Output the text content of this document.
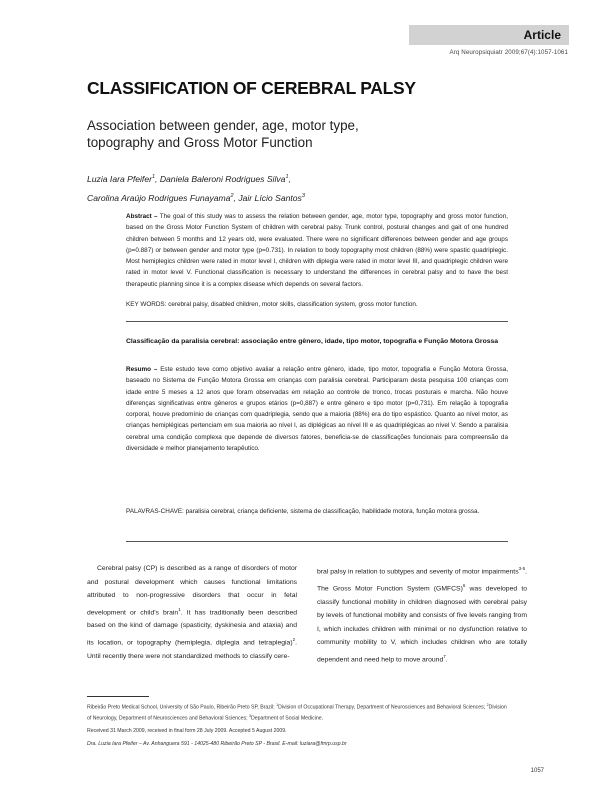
Article
Arq Neuropsiquiatr 2009;67(4):1057-1061
CLASSIFICATION OF CEREBRAL PALSY
Association between gender, age, motor type, topography and Gross Motor Function
Luzia Iara Pfeifer$^1$, Daniela Baleroni Rodrigues Silva$^1$,
Carolina Araújo Rodrigues Funayama$^2$, Jair Lício Santos$^3$
Abstract – The goal of this study was to assess the relation between gender, age, motor type, topography and gross motor function, based on the Gross Motor Function System of children with cerebral palsy. Trunk control, postural changes and gait of one hundred children between 5 months and 12 years old, were evaluated. There were no significant differences between gender and age groups (p=0.887) or between gender and motor type (p=0.731). In relation to body topography most children (88%) were spastic quadriplegic. Most hemiplegics children were rated in motor level I, children with diplegia were rated in motor level III, and quadriplegic children were rated in motor level V. Functional classification is necessary to understand the differences in cerebral palsy and to have the best therapeutic planning since it is a complex disease which depends on several factors.
KEY WORDS: cerebral palsy, disabled children, motor skills, classification system, gross motor function.
Classificação da paralisia cerebral: associação entre gênero, idade, tipo motor, topografia e Função Motora Grossa
Resumo – Este estudo teve como objetivo avaliar a relação entre gênero, idade, tipo motor, topografia e Função Motora Grossa, baseado no Sistema de Função Motora Grossa em crianças com paralisia cerebral. Participaram desta pesquisa 100 crianças com idade entre 5 meses a 12 anos que foram observadas em relação ao controle de tronco, trocas posturais e marcha. Não houve diferenças significativas entre gêneros e grupos etários (p=0,887) e entre gênero e tipo motor (p=0,731). Em relação à topografia corporal, houve predomínio de crianças com quadriplegia, sendo que a maioria (88%) era do tipo espástico. Quanto ao nível motor, as crianças hemiplégicas pertenciam em sua maioria ao nível I, as diplégicas ao nível III e as quadriplégicas ao nível V. Sendo a paralisia cerebral uma condição complexa que depende de diversos fatores, beneficia-se de classificações funcionais para compreensão da diversidade e melhor planejamento terapêutico.
PALAVRAS-CHAVE: paralisia cerebral, criança deficiente, sistema de classificação, habilidade motora, função motora grossa.
Cerebral palsy (CP) is described as a range of disorders of motor and postural development which causes functional limitations attributed to non-progressive disorders that occur in fetal development or child's brain$^1$. It has traditionally been described based on the kind of damage (spasticity, dyskinesia and ataxia) and its location, or topography (hemiplegia, diplegia and tetraplegia)$^2$. Until recently there were not standardized methods to classify cere-
bral palsy in relation to subtypes and severity of motor impairments$^{3-5}$. The Gross Motor Function System (GMFCS)$^6$ was developed to classify functional mobility in children diagnosed with cerebral palsy by levels of functional mobility and consists of five levels ranging from I, which includes children with minimal or no dysfunction relative to community mobility to V, which includes children who are totally dependent and need help to move around$^7$.

Ribeirão Preto Medical School, University of São Paulo, Ribeirão Preto SP, Brazil: $^1$Division of Occupational Therapy, Department of Neurosciences and Behavioral Sciences; $^2$Division of Neurology, Department of Neurosciences and Behavioral Sciences; $^3$Department of Social Medicine.

Received 31 March 2009, received in final form 28 July 2009. Accepted 5 August 2009.

Dra. Luzia Iara Pfeifer – Av. Anhanguera 591 - 14025-480 Ribeirão Preto SP - Brasil. E-mail: luziara@fmrp.usp.br

1057
